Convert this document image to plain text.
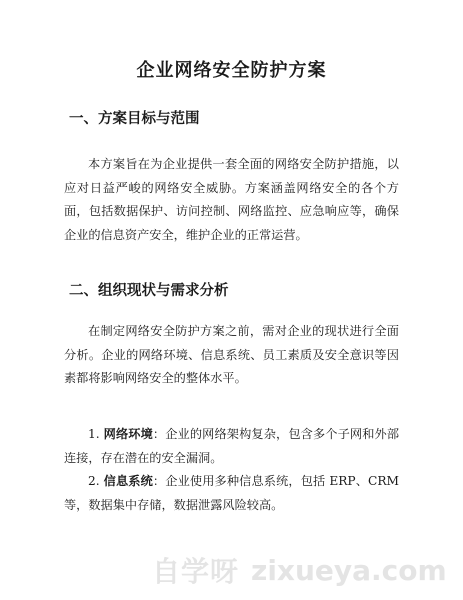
企业网络安全防护方案
一、方案目标与范围

本方案旨在为企业提供一套全面的网络安全防护措施，以应对日益严峻的网络安全威胁。方案涵盖网络安全的各个方面，包括数据保护、访问控制、网络监控、应急响应等，确保企业的信息资产安全，维护企业的正常运营。

二、组织现状与需求分析

在制定网络安全防护方案之前，需对企业的现状进行全面分析。企业的网络环境、信息系统、员工素质及安全意识等因素都将影响网络安全的整体水平。

1. 网络环境：企业的网络架构复杂，包含多个子网和外部连接，存在潜在的安全漏洞。

2. 信息系统：企业使用多种信息系统，包括 ERP、CRM 等，数据集中存储，数据泄露风险较高。

自学呀 zixueya.com
